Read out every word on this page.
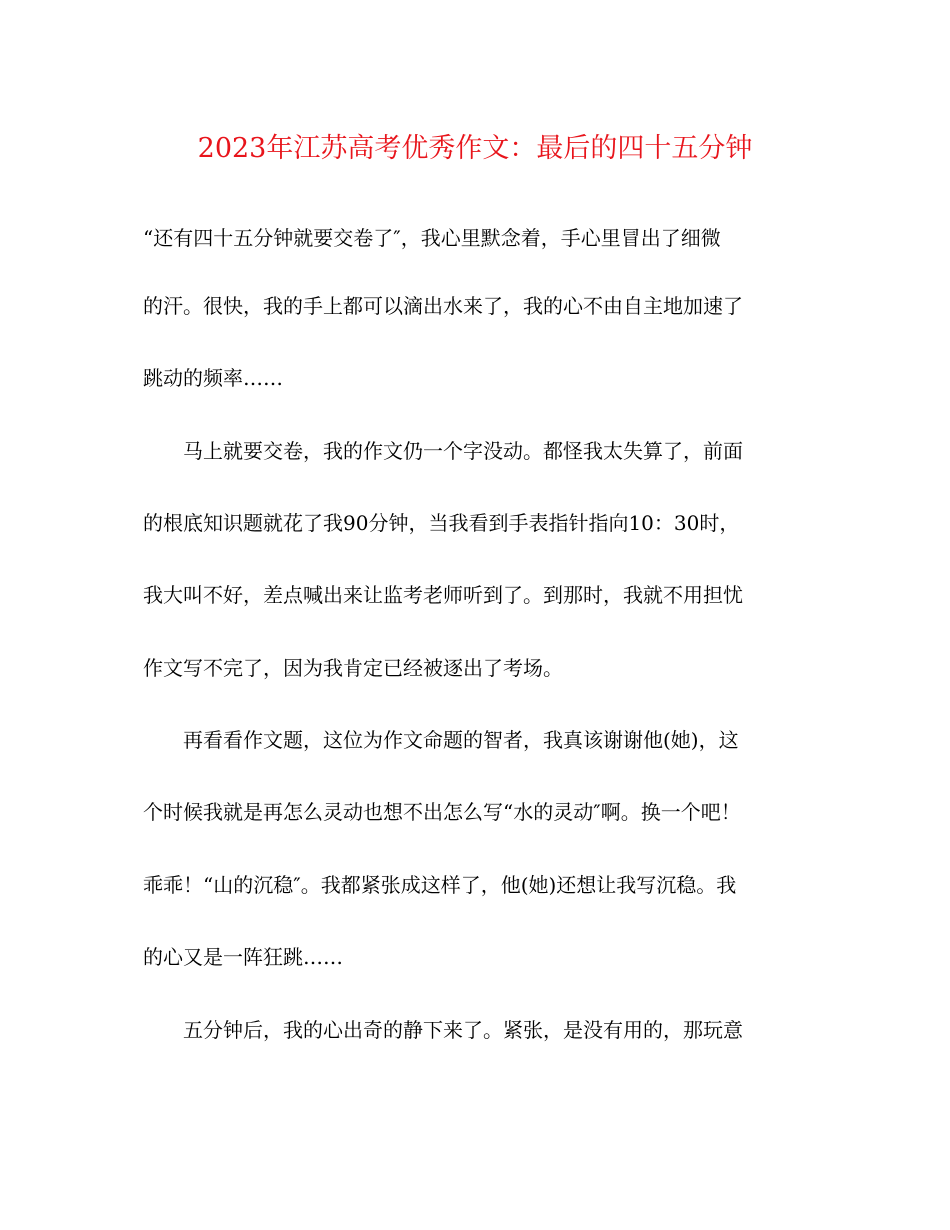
2023年江苏高考优秀作文：最后的四十五分钟

“还有四十五分钟就要交卷了″，我心里默念着，手心里冒出了细微

的汗。很快，我的手上都可以滴出水来了，我的心不由自主地加速了

跳动的频率……

　　马上就要交卷，我的作文仍一个字没动。都怪我太失算了，前面

的根底知识题就花了我90分钟，当我看到手表指针指向10：30时，

我大叫不好，差点喊出来让监考老师听到了。到那时，我就不用担忧

作文写不完了，因为我肯定已经被逐出了考场。

　　再看看作文题，这位为作文命题的智者，我真该谢谢他(她)，这

个时候我就是再怎么灵动也想不出怎么写“水的灵动″啊。换一个吧！

乖乖！“山的沉稳″。我都紧张成这样了，他(她)还想让我写沉稳。我

的心又是一阵狂跳……

　　五分钟后，我的心出奇的静下来了。紧张，是没有用的，那玩意
